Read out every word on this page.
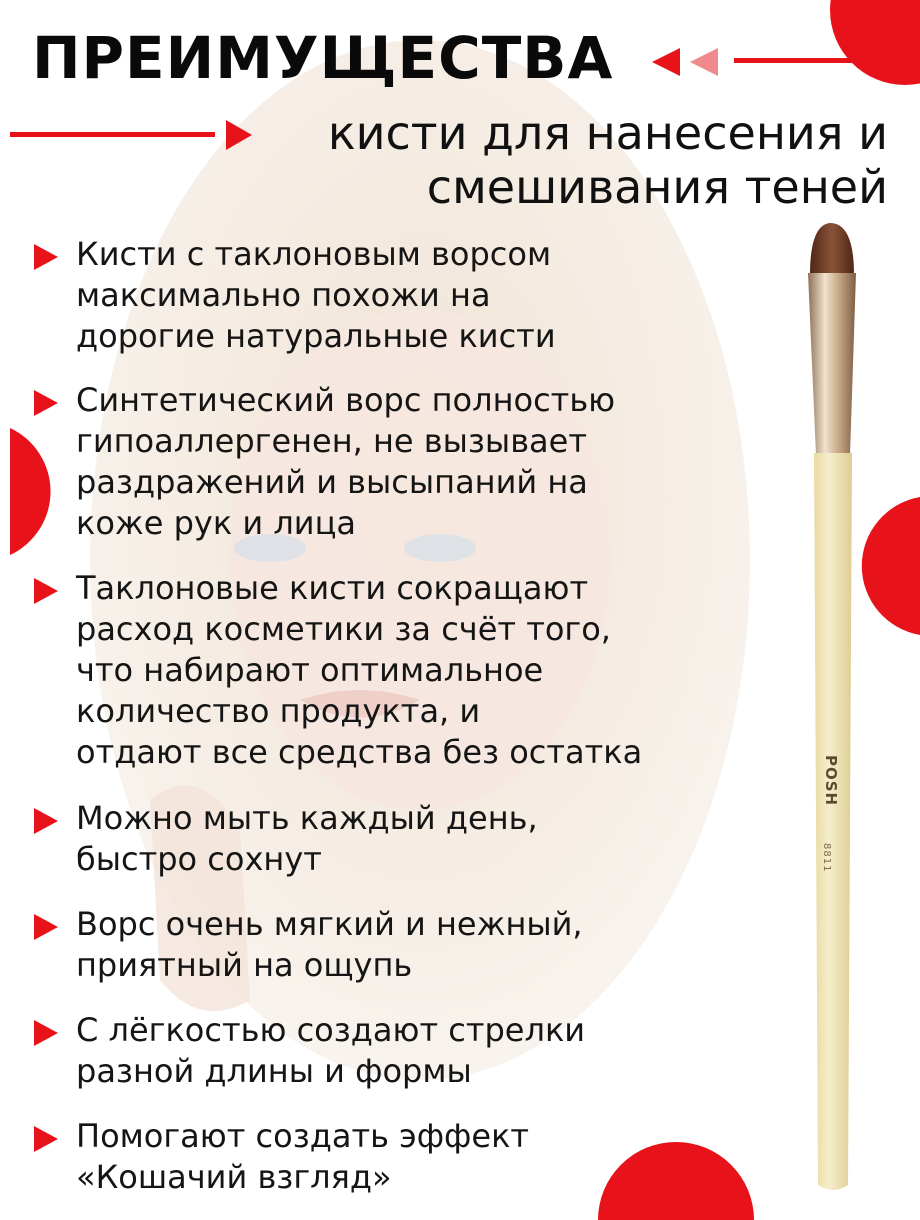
POSH
8811
ПРЕИМУЩЕСТВА
кисти для нанесения и
смешивания теней
Кисти с таклоновым ворсом
максимально похожи на
дорогие натуральные кисти
Синтетический ворс полностью
гипоаллергенен, не вызывает
раздражений и высыпаний на
коже рук и лица
Таклоновые кисти сокращают
расход косметики за счёт того,
что набирают оптимальное
количество продукта, и
отдают все средства без остатка
Можно мыть каждый день,
быстро сохнут
Ворс очень мягкий и нежный,
приятный на ощупь
С лёгкостью создают стрелки
разной длины и формы
Помогают создать эффект
«Кошачий взгляд»
